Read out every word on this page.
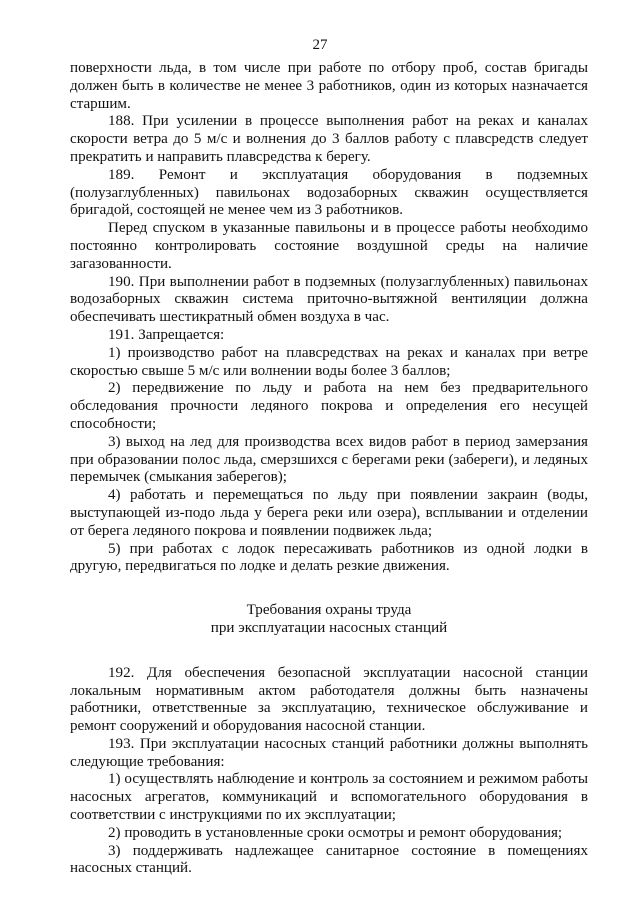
27

поверхности льда, в том числе при работе по отбору проб, состав бригады должен быть в количестве не менее 3 работников, один из которых назначается старшим.

188. При усилении в процессе выполнения работ на реках и каналах скорости ветра до 5 м/с и волнения до 3 баллов работу с плавсредств следует прекратить и направить плавсредства к берегу.

189. Ремонт и эксплуатация оборудования в подземных (полузаглубленных) павильонах водозаборных скважин осуществляется бригадой, состоящей не менее чем из 3 работников.

Перед спуском в указанные павильоны и в процессе работы необходимо постоянно контролировать состояние воздушной среды на наличие загазованности.

190. При выполнении работ в подземных (полузаглубленных) павильонах водозаборных скважин система приточно-вытяжной вентиляции должна обеспечивать шестикратный обмен воздуха в час.

191. Запрещается:

1) производство работ на плавсредствах на реках и каналах при ветре скоростью свыше 5 м/с или волнении воды более 3 баллов;

2) передвижение по льду и работа на нем без предварительного обследования прочности ледяного покрова и определения его несущей способности;

3) выход на лед для производства всех видов работ в период замерзания при образовании полос льда, смерзшихся с берегами реки (забереги), и ледяных перемычек (смыкания заберегов);

4) работать и перемещаться по льду при появлении закраин (воды, выступающей из-подо льда у берега реки или озера), всплывании и отделении от берега ледяного покрова и появлении подвижек льда;

5) при работах с лодок пересаживать работников из одной лодки в другую, передвигаться по лодке и делать резкие движения.

Требования охраны труда
при эксплуатации насосных станций

192. Для обеспечения безопасной эксплуатации насосной станции локальным нормативным актом работодателя должны быть назначены работники, ответственные за эксплуатацию, техническое обслуживание и ремонт сооружений и оборудования насосной станции.

193. При эксплуатации насосных станций работники должны выполнять следующие требования:

1) осуществлять наблюдение и контроль за состоянием и режимом работы насосных агрегатов, коммуникаций и вспомогательного оборудования в соответствии с инструкциями по их эксплуатации;

2) проводить в установленные сроки осмотры и ремонт оборудования;

3) поддерживать надлежащее санитарное состояние в помещениях насосных станций.
